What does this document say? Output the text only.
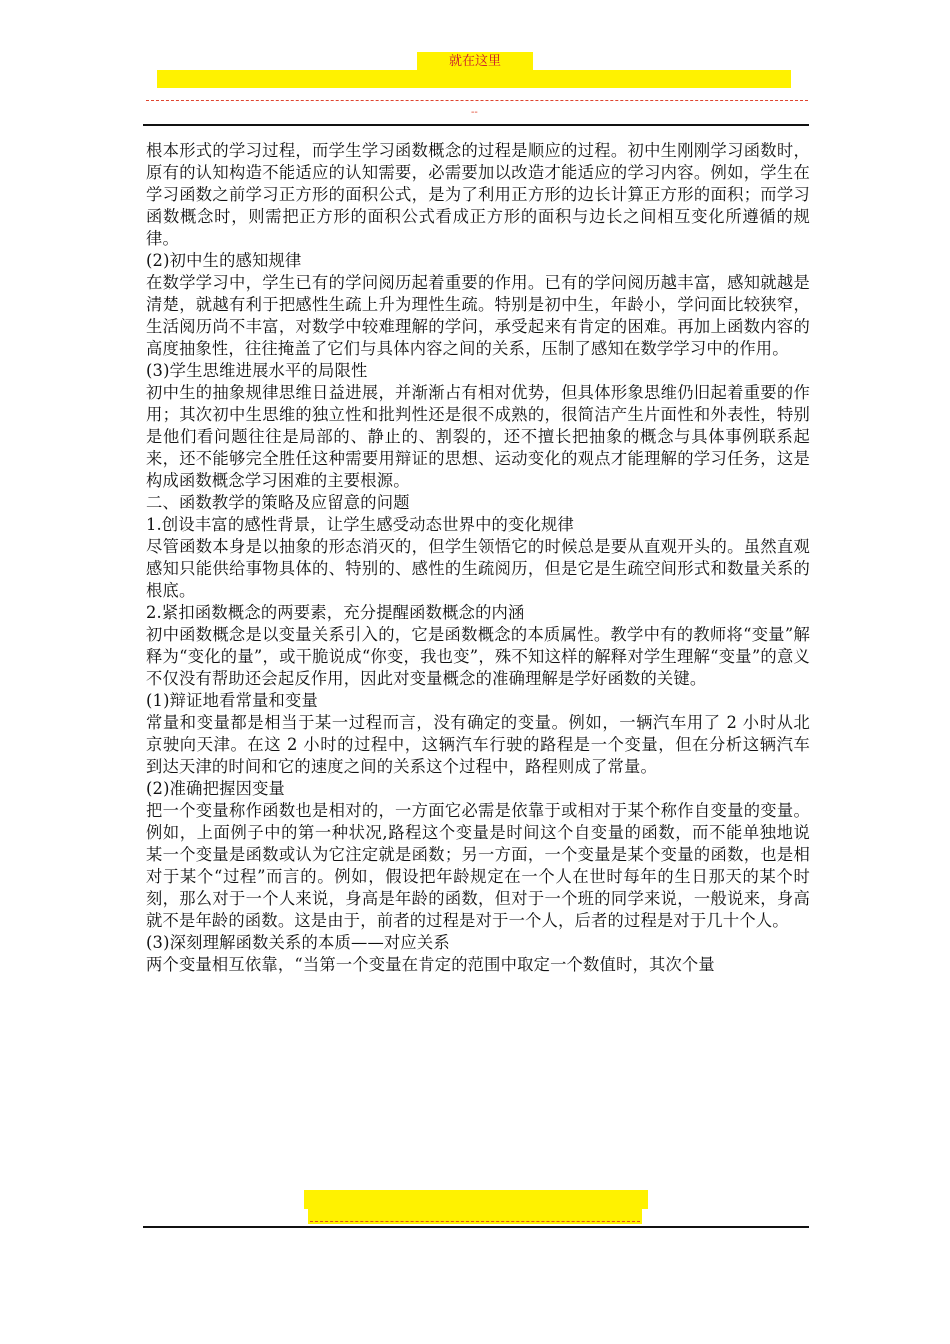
就在这里
--

根本形式的学习过程，而学生学习函数概念的过程是顺应的过程。初中生刚刚学习函数时，原有的认知构造不能适应的认知需要，必需要加以改造才能适应的学习内容。例如，学生在学习函数之前学习正方形的面积公式，是为了利用正方形的边长计算正方形的面积；而学习函数概念时，则需把正方形的面积公式看成正方形的面积与边长之间相互变化所遵循的规律。

(2)初中生的感知规律

在数学学习中，学生已有的学问阅历起着重要的作用。已有的学问阅历越丰富，感知就越是清楚，就越有利于把感性生疏上升为理性生疏。特别是初中生，年龄小，学问面比较狭窄，生活阅历尚不丰富，对数学中较难理解的学问，承受起来有肯定的困难。再加上函数内容的高度抽象性，往往掩盖了它们与具体内容之间的关系，压制了感知在数学学习中的作用。

(3)学生思维进展水平的局限性

初中生的抽象规律思维日益进展，并渐渐占有相对优势，但具体形象思维仍旧起着重要的作用；其次初中生思维的独立性和批判性还是很不成熟的，很简洁产生片面性和外表性，特别是他们看问题往往是局部的、静止的、割裂的，还不擅长把抽象的概念与具体事例联系起来，还不能够完全胜任这种需要用辩证的思想、运动变化的观点才能理解的学习任务，这是构成函数概念学习困难的主要根源。

二、函数教学的策略及应留意的问题

1.创设丰富的感性背景，让学生感受动态世界中的变化规律

尽管函数本身是以抽象的形态消灭的，但学生领悟它的时候总是要从直观开头的。虽然直观感知只能供给事物具体的、特别的、感性的生疏阅历，但是它是生疏空间形式和数量关系的根底。

2.紧扣函数概念的两要素，充分提醒函数概念的内涵

初中函数概念是以变量关系引入的，它是函数概念的本质属性。教学中有的教师将“变量”解释为“变化的量”，或干脆说成“你变，我也变”，殊不知这样的解释对学生理解“变量”的意义不仅没有帮助还会起反作用，因此对变量概念的准确理解是学好函数的关键。

(1)辩证地看常量和变量

常量和变量都是相当于某一过程而言，没有确定的变量。例如，一辆汽车用了 2 小时从北京驶向天津。在这 2 小时的过程中，这辆汽车行驶的路程是一个变量，但在分析这辆汽车到达天津的时间和它的速度之间的关系这个过程中，路程则成了常量。

(2)准确把握因变量

把一个变量称作函数也是相对的，一方面它必需是依靠于或相对于某个称作自变量的变量。例如，上面例子中的第一种状况,路程这个变量是时间这个自变量的函数，而不能单独地说某一个变量是函数或认为它注定就是函数；另一方面，一个变量是某个变量的函数，也是相对于某个“过程”而言的。例如，假设把年龄规定在一个人在世时每年的生日那天的某个时刻，那么对于一个人来说，身高是年龄的函数，但对于一个班的同学来说，一般说来，身高就不是年龄的函数。这是由于，前者的过程是对于一个人，后者的过程是对于几十个人。

(3)深刻理解函数关系的本质——对应关系

两个变量相互依靠，“当第一个变量在肯定的范围中取定一个数值时，其次个量
